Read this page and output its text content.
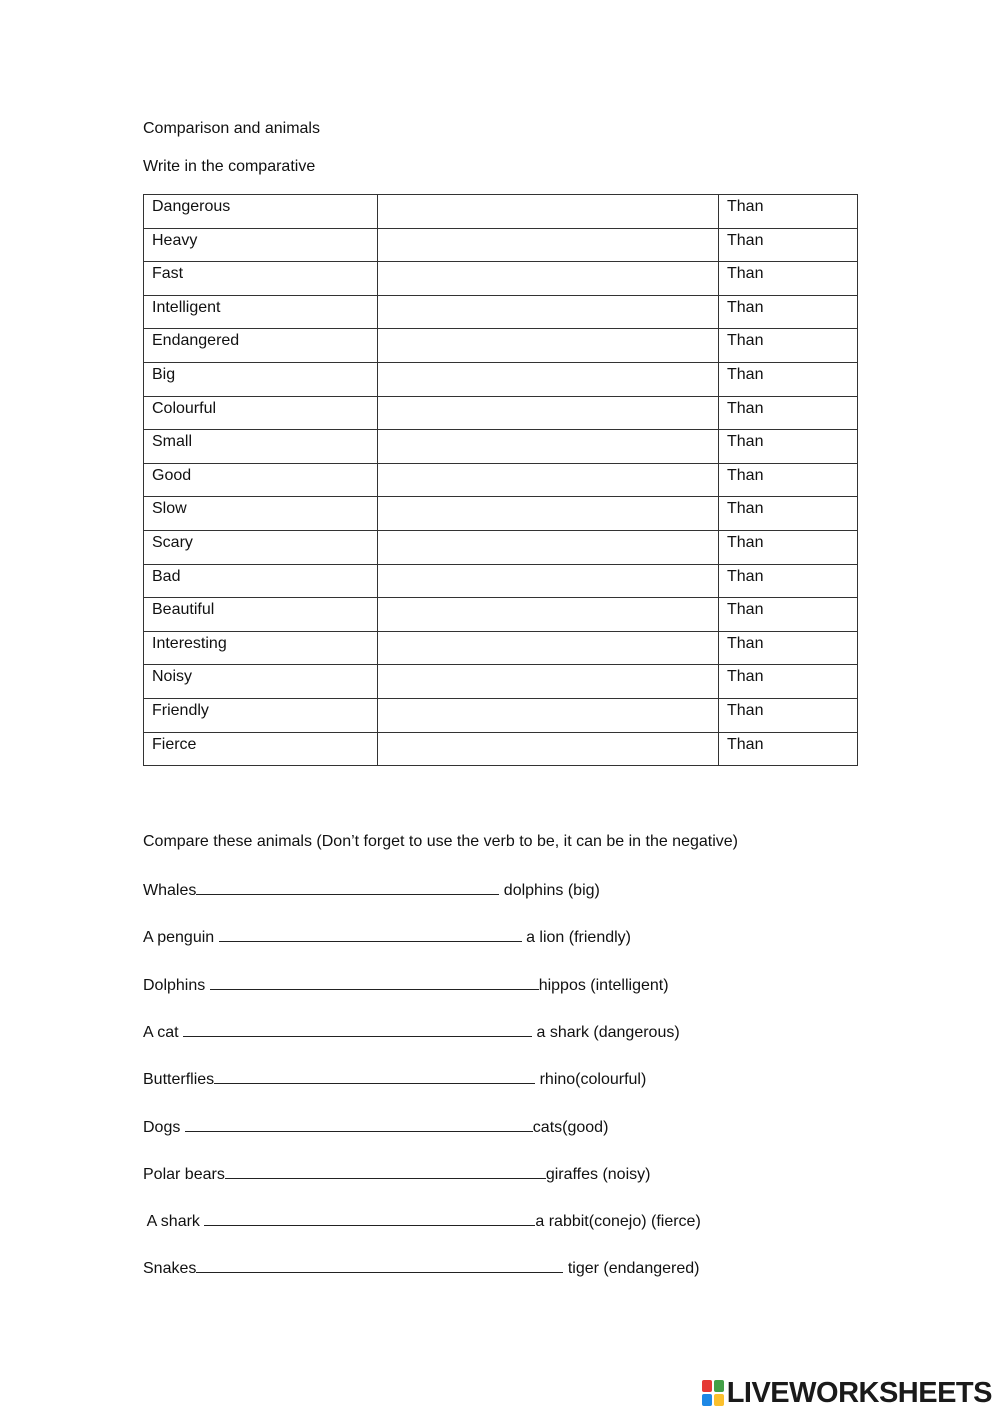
Comparison and animals
Write in the comparative
Dangerous		Than
Heavy		Than
Fast		Than
Intelligent		Than
Endangered		Than
Big		Than
Colourful		Than
Small		Than
Good		Than
Slow		Than
Scary		Than
Bad		Than
Beautiful		Than
Interesting		Than
Noisy		Than
Friendly		Than
Fierce		Than
Compare these animals (Don’t forget to use the verb to be, it can be in the negative)
Whales	dolphins (big)
A penguin	a lion (friendly)
Dolphins	hippos (intelligent)
A cat	a shark (dangerous)
Butterflies	rhino(colourful)
Dogs	cats(good)
Polar bears	giraffes (noisy)
A shark	a rabbit(conejo) (fierce)
Snakes	tiger (endangered)
LIVEWORKSHEETS
